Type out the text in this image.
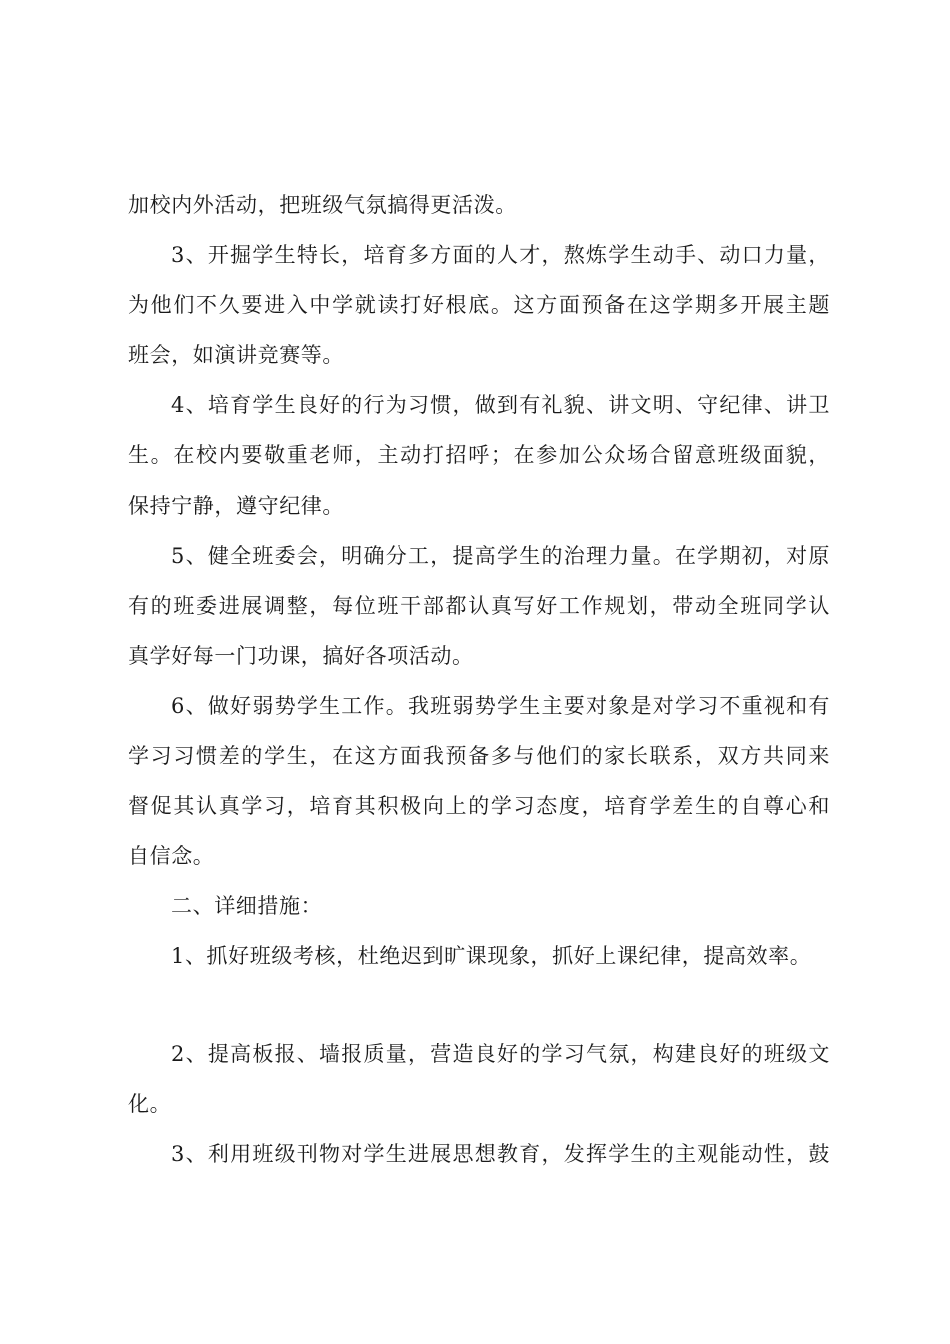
加校内外活动，把班级气氛搞得更活泼。
3、开掘学生特长，培育多方面的人才，熬炼学生动手、动口力量，
为他们不久要进入中学就读打好根底。这方面预备在这学期多开展主题
班会，如演讲竞赛等。
4、培育学生良好的行为习惯，做到有礼貌、讲文明、守纪律、讲卫
生。在校内要敬重老师，主动打招呼；在参加公众场合留意班级面貌，
保持宁静，遵守纪律。
5、健全班委会，明确分工，提高学生的治理力量。在学期初，对原
有的班委进展调整，每位班干部都认真写好工作规划，带动全班同学认
真学好每一门功课，搞好各项活动。
6、做好弱势学生工作。我班弱势学生主要对象是对学习不重视和有
学习习惯差的学生，在这方面我预备多与他们的家长联系，双方共同来
督促其认真学习，培育其积极向上的学习态度，培育学差生的自尊心和
自信念。
二、详细措施：
1、抓好班级考核，杜绝迟到旷课现象，抓好上课纪律，提高效率。
2、提高板报、墙报质量，营造良好的学习气氛，构建良好的班级文
化。
3、利用班级刊物对学生进展思想教育，发挥学生的主观能动性，鼓
